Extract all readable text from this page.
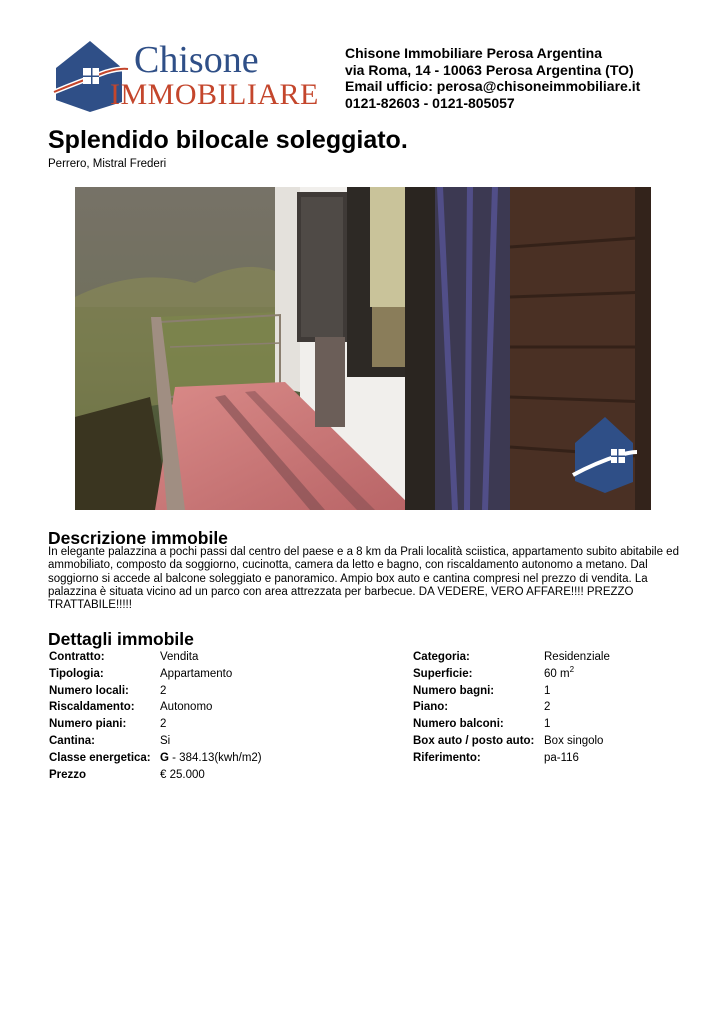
Chisone
IMMOBILIARE
Chisone Immobiliare Perosa Argentina
via Roma, 14 - 10063 Perosa Argentina (TO)
Email ufficio: perosa@chisoneimmobiliare.it
0121-82603 - 0121-805057
Splendido bilocale soleggiato.
Perrero, Mistral Frederi
Descrizione immobile
In elegante palazzina a pochi passi dal centro del paese e a 8 km da Prali località sciistica, appartamento subito abitabile ed ammobiliato, composto da soggiorno, cucinotta, camera da letto e bagno, con riscaldamento autonomo a metano. Dal soggiorno si accede al balcone soleggiato e panoramico. Ampio box auto e cantina compresi nel prezzo di vendita. La palazzina è situata vicino ad un parco con area attrezzata per barbecue. DA VEDERE, VERO AFFARE!!!! PREZZO TRATTABILE!!!!!
Dettagli immobile
Contratto:	Vendita
Tipologia:	Appartamento
Numero locali:	2
Riscaldamento:	Autonomo
Numero piani:	2
Cantina:	Si
Classe energetica:	G - 384.13(kwh/m2)
Prezzo	€ 25.000
Categoria:	Residenziale
Superficie:	60 $m^2$
Numero bagni:	1
Piano:	2
Numero balconi:	1
Box auto / posto auto:	Box singolo
Riferimento:	pa-116
